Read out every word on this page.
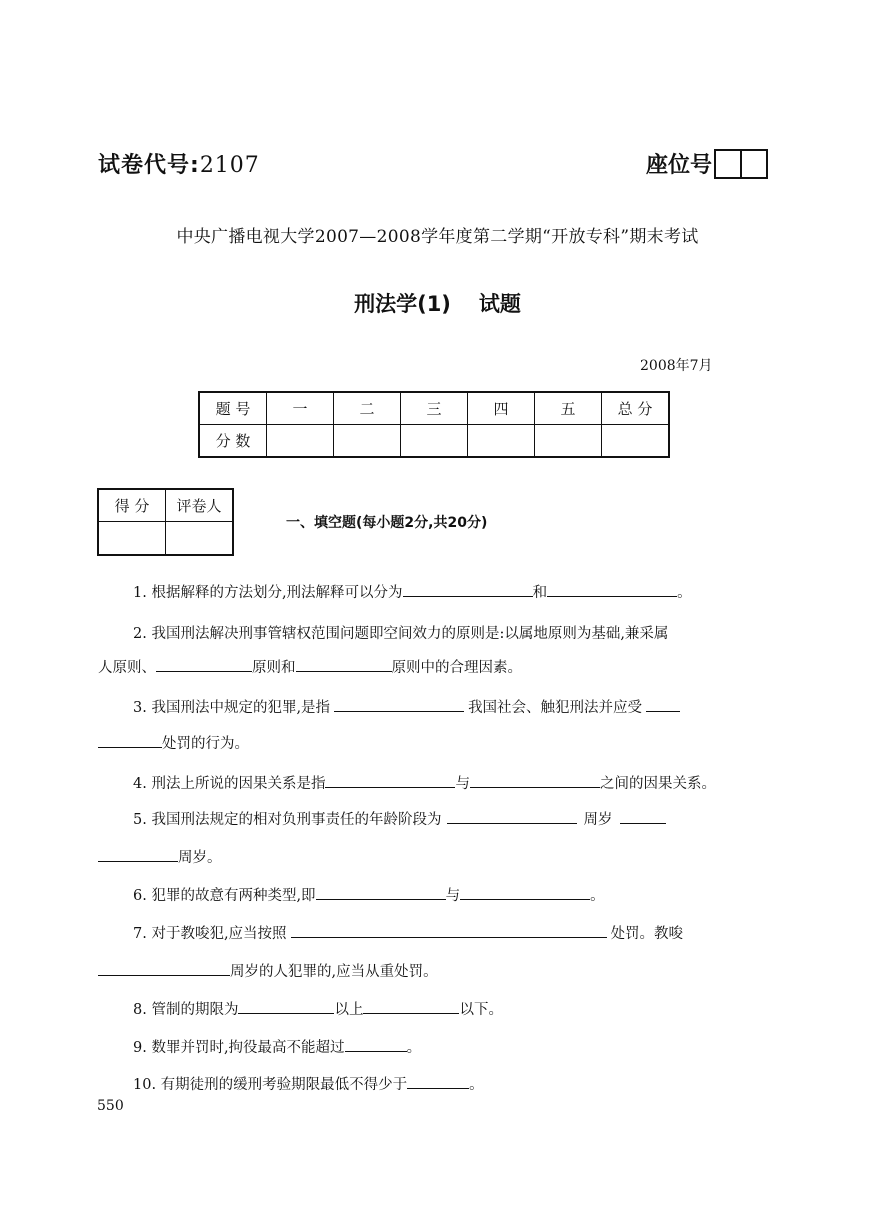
试卷代号:2107	座位号
中央广播电视大学2007—2008学年度第二学期“开放专科”期末考试
刑法学(1) 试题
2008年7月
题 号	一	二	三	四	五	总 分
分 数						
得 分	评卷人

一、填空题(每小题2分,共20分)
1. 根据解释的方法划分,刑法解释可以分为	和	。
2. 我国刑法解决刑事管辖权范围问题即空间效力的原则是:以属地原则为基础,兼采属
人原则、	原则和	原则中的合理因素。
3. 我国刑法中规定的犯罪,是指	我国社会、触犯刑法并应受
处罚的行为。
4. 刑法上所说的因果关系是指	与	之间的因果关系。
5. 我国刑法规定的相对负刑事责任的年龄阶段为	周岁
周岁。
6. 犯罪的故意有两种类型,即	与	。
7. 对于教唆犯,应当按照	处罚。教唆
周岁的人犯罪的,应当从重处罚。
8. 管制的期限为	以上	以下。
9. 数罪并罚时,拘役最高不能超过	。
10. 有期徒刑的缓刑考验期限最低不得少于	。
550
